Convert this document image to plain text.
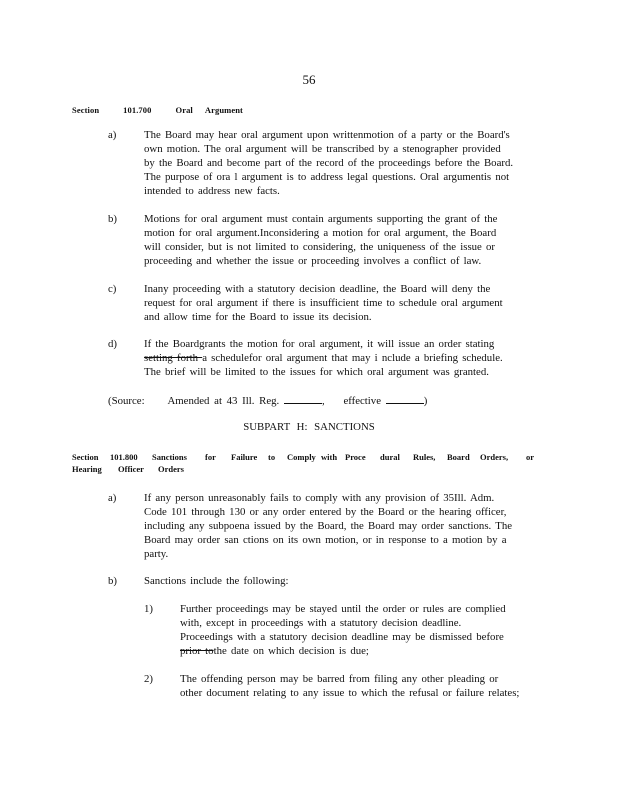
56
Section	101.700	Oral Argument
a)	The Board may hear oral argument upon writtenmotion of a party or the Board's
own motion. The oral argument will be transcribed by a stenographer provided
by the Board and become part of the record of the proceedings before the Board.
The purpose of ora l argument is to address legal questions. Oral argumentis not
intended to address new facts.
b)	Motions for oral argument must contain arguments supporting the grant of the
motion for oral argument.Inconsidering a motion for oral argument, the Board
will consider, but is not limited to considering, the uniqueness of the issue or
proceeding and whether the issue or proceeding involves a conflict of law.
c)	Inany proceeding with a statutory decision deadline, the Board will deny the
request for oral argument if there is insufficient time to schedule oral argument
and allow time for the Board to issue its decision.
d)	If the Boardgrants the motion for oral argument, it will issue an order stating
setting forth a schedulefor oral argument that may i nclude a briefing schedule.
The brief will be limited to the issues for which oral argument was granted.
(Source: Amended at 43 Ill. Reg.	,    effective	)
SUBPART H: SANCTIONS
Section 101.800 Sanctions for Failure to Comply with Proce dural Rules, Board Orders, or
Hearing Officer Orders
a)	If any person unreasonably fails to comply with any provision of 35Ill. Adm.
Code 101 through 130 or any order entered by the Board or the hearing officer,
including any subpoena issued by the Board, the Board may order sanctions. The
Board may order san ctions on its own motion, or in response to a motion by a
party.
b)	Sanctions include the following:
1)	Further proceedings may be stayed until the order or rules are complied
with, except in proceedings with a statutory decision deadline.
Proceedings with a statutory decision deadline may be dismissed before
prior tothe date on which decision is due;
2)	The offending person may be barred from filing any other pleading or
other document relating to any issue to which the refusal or failure relates;
